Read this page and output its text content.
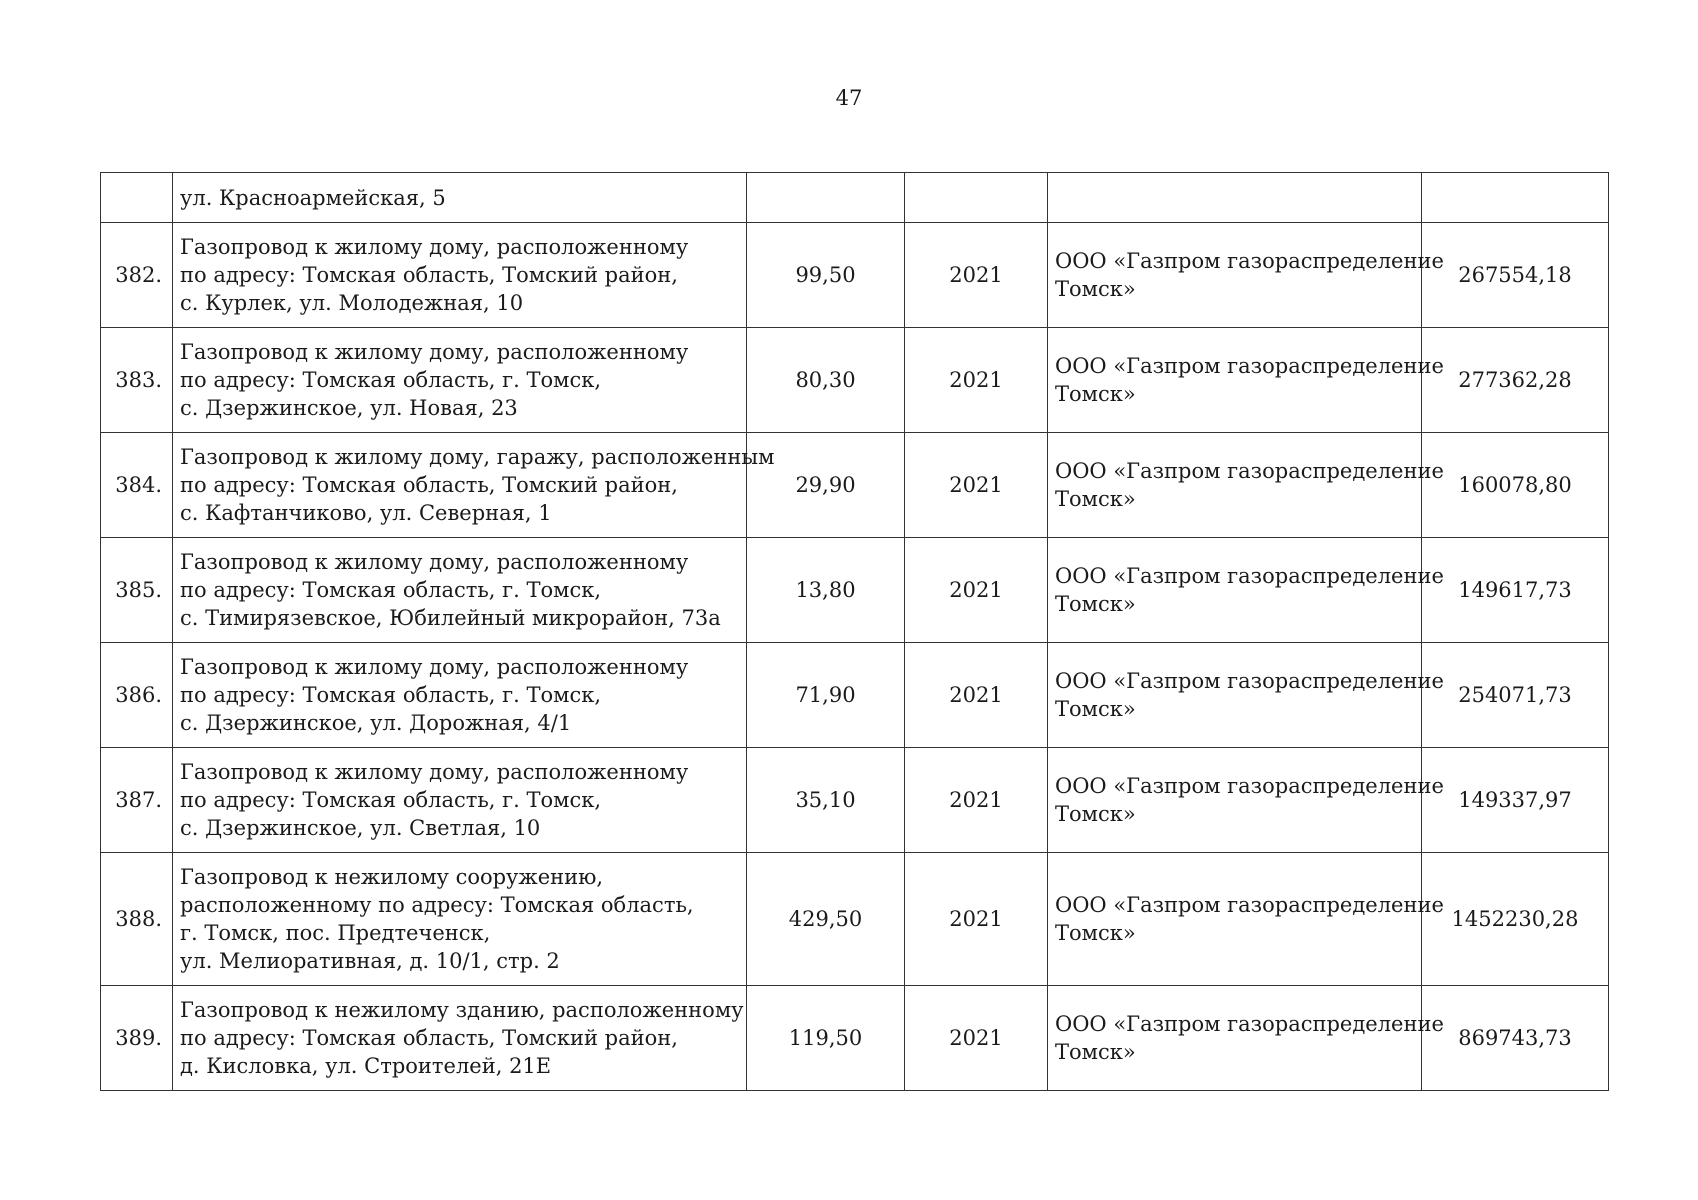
47

	ул. Красноармейская, 5				

382.	Газопровод к жилому дому, расположенному
по адресу: Томская область, Томский район,
с. Курлек, ул. Молодежная, 10	99,50	2021	ООО «Газпром газораспределение
Томск»	267554,18
383.	Газопровод к жилому дому, расположенному
по адресу: Томская область, г. Томск,
с. Дзержинское, ул. Новая, 23	80,30	2021	ООО «Газпром газораспределение
Томск»	277362,28
384.	Газопровод к жилому дому, гаражу, расположенным
по адресу: Томская область, Томский район,
с. Кафтанчиково, ул. Северная, 1	29,90	2021	ООО «Газпром газораспределение
Томск»	160078,80
385.	Газопровод к жилому дому, расположенному
по адресу: Томская область, г. Томск,
с. Тимирязевское, Юбилейный микрорайон, 73а	13,80	2021	ООО «Газпром газораспределение
Томск»	149617,73
386.	Газопровод к жилому дому, расположенному
по адресу: Томская область, г. Томск,
с. Дзержинское, ул. Дорожная, 4/1	71,90	2021	ООО «Газпром газораспределение
Томск»	254071,73
387.	Газопровод к жилому дому, расположенному
по адресу: Томская область, г. Томск,
с. Дзержинское, ул. Светлая, 10	35,10	2021	ООО «Газпром газораспределение
Томск»	149337,97
388.	Газопровод к нежилому сооружению,
расположенному по адресу: Томская область,
г. Томск, пос. Предтеченск,
ул. Мелиоративная, д. 10/1, стр. 2	429,50	2021	ООО «Газпром газораспределение
Томск»	1452230,28
389.	Газопровод к нежилому зданию, расположенному
по адресу: Томская область, Томский район,
д. Кисловка, ул. Строителей, 21Е	119,50	2021	ООО «Газпром газораспределение
Томск»	869743,73
